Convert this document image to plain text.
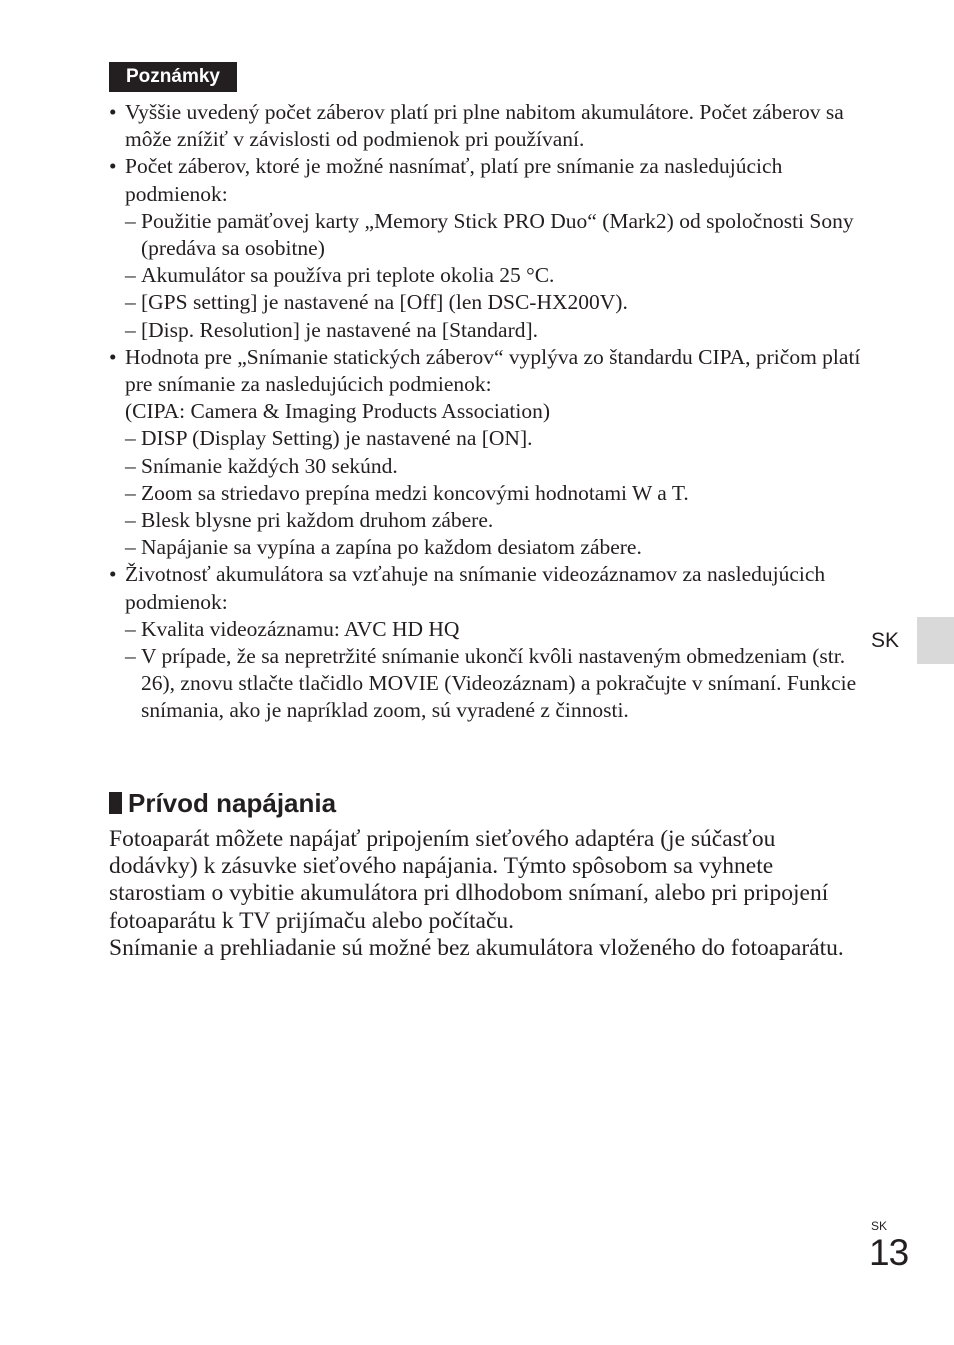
Poznámky
• Vyššie uvedený počet záberov platí pri plne nabitom akumulátore. Počet záberov sa môže znížiť v závislosti od podmienok pri používaní.
• Počet záberov, ktoré je možné nasnímať, platí pre snímanie za nasledujúcich podmienok:
– Použitie pamäťovej karty „Memory Stick PRO Duo“ (Mark2) od spoločnosti Sony (predáva sa osobitne)
– Akumulátor sa používa pri teplote okolia 25 °C.
– [GPS setting] je nastavené na [Off] (len DSC-HX200V).
– [Disp. Resolution] je nastavené na [Standard].
• Hodnota pre „Snímanie statických záberov“ vyplýva zo štandardu CIPA, pričom platí pre snímanie za nasledujúcich podmienok:
(CIPA: Camera & Imaging Products Association)
– DISP (Display Setting) je nastavené na [ON].
– Snímanie každých 30 sekúnd.
– Zoom sa striedavo prepína medzi koncovými hodnotami W a T.
– Blesk blysne pri každom druhom zábere.
– Napájanie sa vypína a zapína po každom desiatom zábere.
• Životnosť akumulátora sa vzťahuje na snímanie videozáznamov za nasledujúcich podmienok:
– Kvalita videozáznamu: AVC HD HQ
– V prípade, že sa nepretržité snímanie ukončí kvôli nastaveným obmedzeniam (str. 26), znovu stlačte tlačidlo MOVIE (Videozáznam) a pokračujte v snímaní. Funkcie snímania, ako je napríklad zoom, sú vyradené z činnosti.
Prívod napájania

Fotoaparát môžete napájať pripojením sieťového adaptéra (je súčasťou dodávky) k zásuvke sieťového napájania. Týmto spôsobom sa vyhnete starostiam o vybitie akumulátora pri dlhodobom snímaní, alebo pri pripojení fotoaparátu k TV prijímaču alebo počítaču.

Snímanie a prehliadanie sú možné bez akumulátora vloženého do fotoaparátu.

SK
SK
13
